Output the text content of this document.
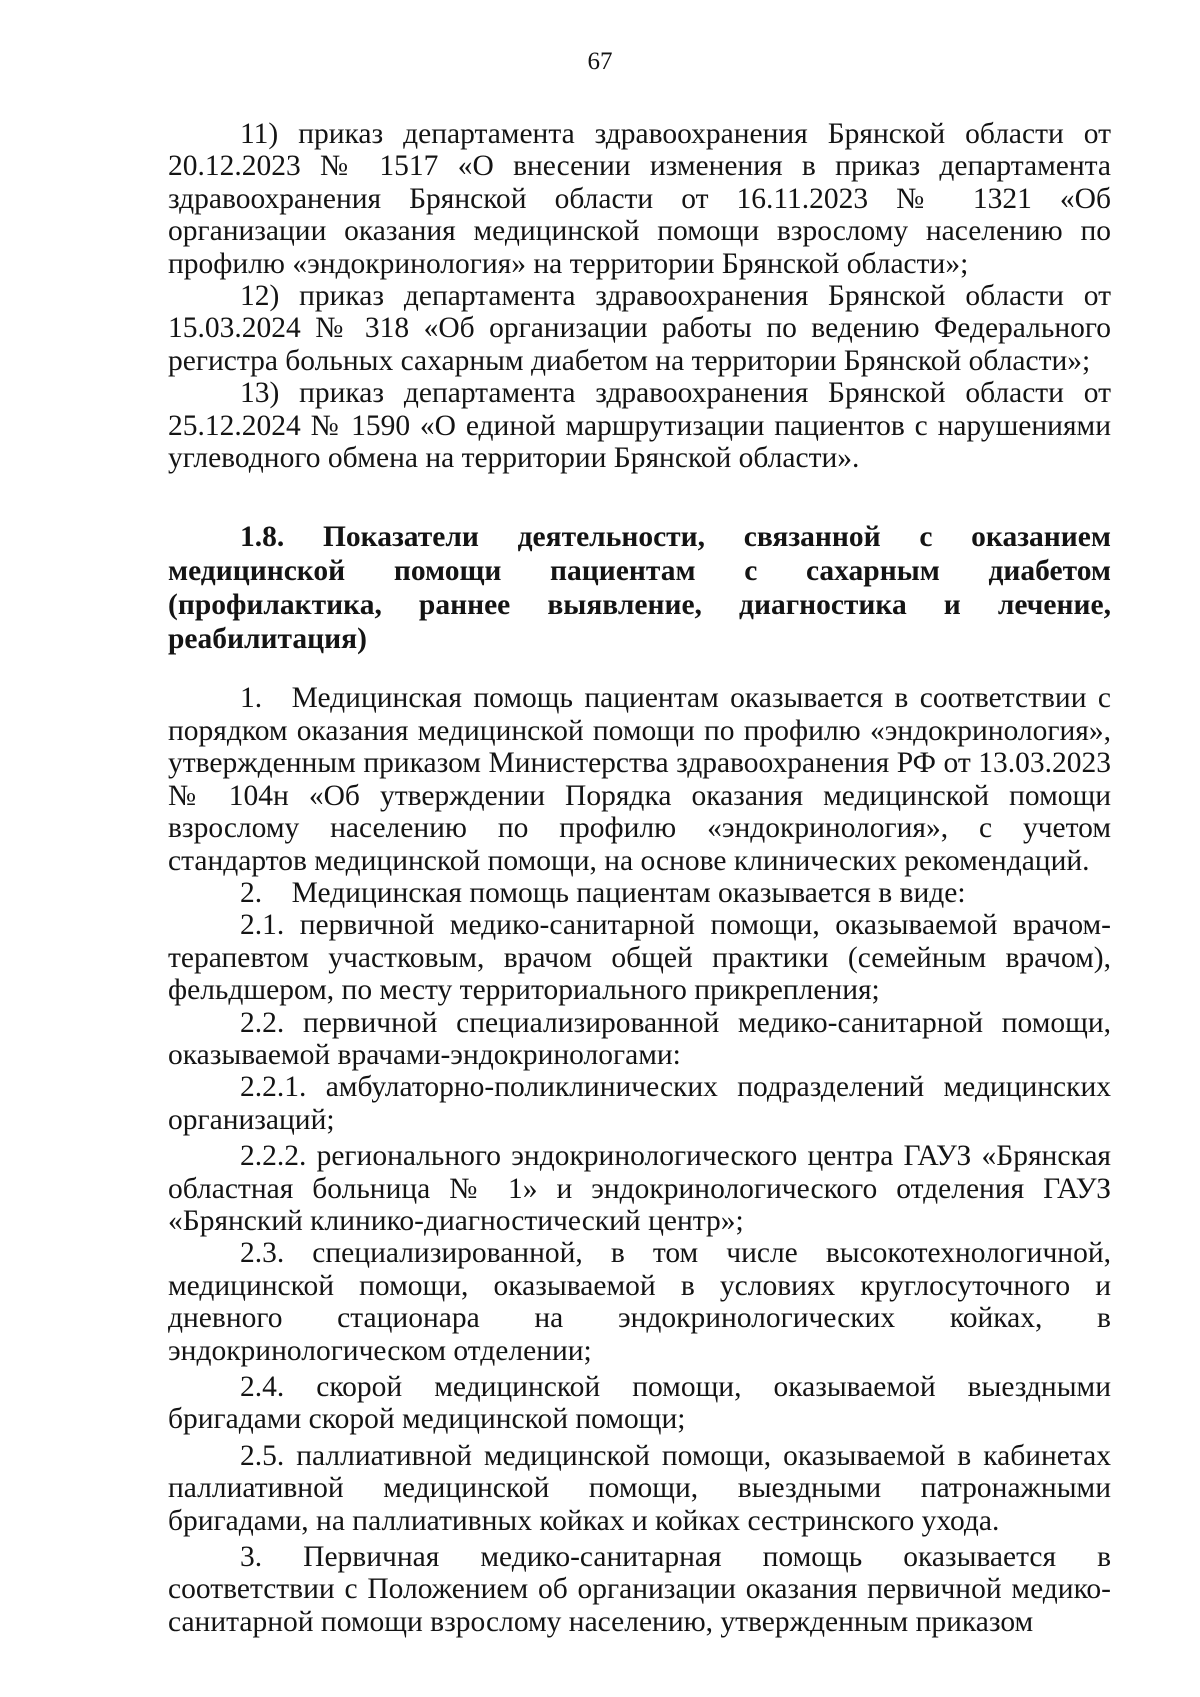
67

11) приказ департамента здравоохранения Брянской области от 20.12.2023 № 1517 «О внесении изменения в приказ департамента здравоохранения Брянской области от 16.11.2023 № 1321 «Об организации оказания медицинской помощи взрослому населению по профилю «эндокринология» на территории Брянской области»;

12) приказ департамента здравоохранения Брянской области от 15.03.2024 № 318 «Об организации работы по ведению Федерального регистра больных сахарным диабетом на территории Брянской области»;

13) приказ департамента здравоохранения Брянской области от 25.12.2024 № 1590 «О единой маршрутизации пациентов с нарушениями углеводного обмена на территории Брянской области».

1.8. Показатели деятельности, связанной с оказанием медицинской помощи пациентам с сахарным диабетом (профилактика, раннее выявление, диагностика и лечение, реабилитация)

1. Медицинская помощь пациентам оказывается в соответствии с порядком оказания медицинской помощи по профилю «эндокринология», утвержденным приказом Министерства здравоохранения РФ от 13.03.2023 № 104н «Об утверждении Порядка оказания медицинской помощи взрослому населению по профилю «эндокринология», с учетом стандартов медицинской помощи, на основе клинических рекомендаций.

2. Медицинская помощь пациентам оказывается в виде:

2.1. первичной медико-санитарной помощи, оказываемой врачом-терапевтом участковым, врачом общей практики (семейным врачом), фельдшером, по месту территориального прикрепления;

2.2. первичной специализированной медико-санитарной помощи, оказываемой врачами-эндокринологами:

2.2.1. амбулаторно-поликлинических подразделений медицинских организаций;

2.2.2. регионального эндокринологического центра ГАУЗ «Брянская областная больница № 1» и эндокринологического отделения ГАУЗ «Брянский клинико-диагностический центр»;

2.3. специализированной, в том числе высокотехнологичной, медицинской помощи, оказываемой в условиях круглосуточного и дневного стационара на эндокринологических койках, в эндокринологическом отделении;

2.4. скорой медицинской помощи, оказываемой выездными бригадами скорой медицинской помощи;

2.5. паллиативной медицинской помощи, оказываемой в кабинетах паллиативной медицинской помощи, выездными патронажными бригадами, на паллиативных койках и койках сестринского ухода.

3. Первичная медико-санитарная помощь оказывается в соответствии с Положением об организации оказания первичной медико-санитарной помощи взрослому населению, утвержденным приказом
